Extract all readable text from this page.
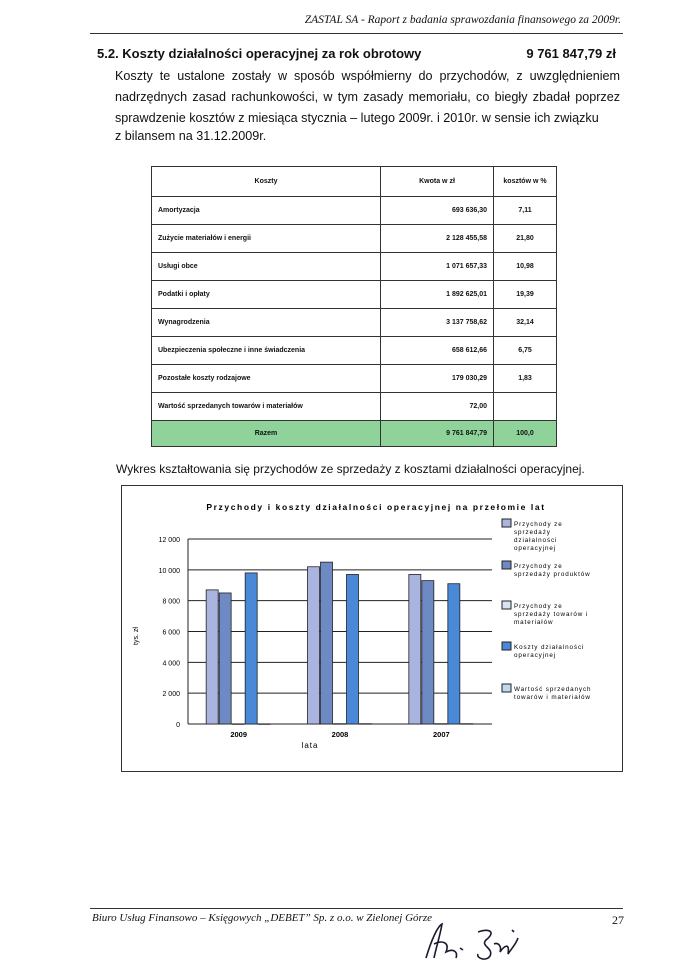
ZASTAL SA - Raport z badania sprawozdania finansowego za 2009r.
5.2. Koszty działalności operacyjnej za rok obrotowy	9 761 847,79 zł
Koszty te ustalone zostały w sposób współmierny do przychodów, z uwzględnieniem nadrzędnych zasad rachunkowości, w tym zasady memoriału, co biegły zbadał poprzez sprawdzenie kosztów z miesiąca stycznia – lutego 2009r. i 2010r. w sensie ich związku
z bilansem na 31.12.2009r.
Koszty	Kwota w zł	kosztów w %
Amortyzacja	693 636,30	7,11
Zużycie materiałów i energii	2 128 455,58	21,80
Usługi obce	1 071 657,33	10,98
Podatki i opłaty	1 892 625,01	19,39
Wynagrodzenia	3 137 758,62	32,14
Ubezpieczenia społeczne i inne świadczenia	658 612,66	6,75
Pozostałe koszty rodzajowe	179 030,29	1,83
Wartość sprzedanych towarów i materiałów	72,00	
Razem	9 761 847,79	100,0
Wykres kształtowania się przychodów ze sprzedaży z kosztami działalności operacyjnej.
Przychody i koszty działalności operacyjnej na przełomie lat
0
2 000
4 000
6 000
8 000
10 000
12 000
tys. zł
2009	2008	2007
lata
Przychody ze sprzedaży działalności operacyjnej
Przychody ze sprzedaży produktów
Przychody ze sprzedaży towarów i materiałów
Koszty działalności operacyjnej
Wartość sprzedanych towarów i materiałów
Biuro Usług Finansowo – Księgowych „DEBET” Sp. z o.o. w Zielonej Górze	27
